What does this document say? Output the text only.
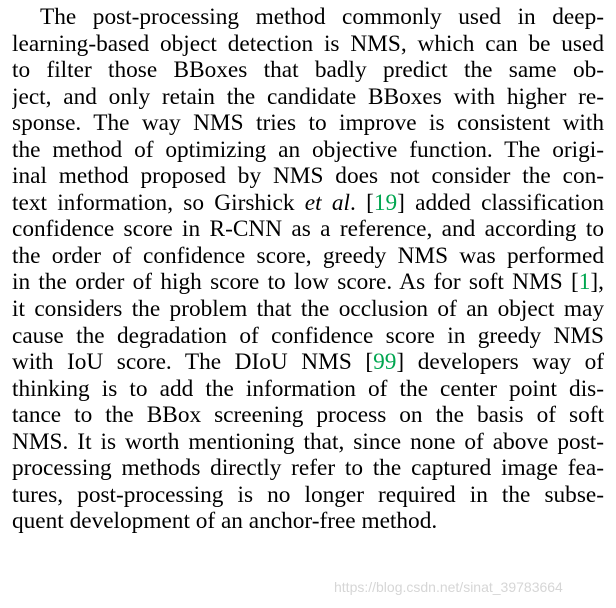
The post-processing method commonly used in deep-
learning-based object detection is NMS, which can be used
to filter those BBoxes that badly predict the same ob-
ject, and only retain the candidate BBoxes with higher re-
sponse. The way NMS tries to improve is consistent with
the method of optimizing an objective function. The origi-
inal method proposed by NMS does not consider the con-
text information, so Girshick et al. [19] added classification
confidence score in R-CNN as a reference, and according to
the order of confidence score, greedy NMS was performed
in the order of high score to low score. As for soft NMS [1],
it considers the problem that the occlusion of an object may
cause the degradation of confidence score in greedy NMS
with IoU score. The DIoU NMS [99] developers way of
thinking is to add the information of the center point dis-
tance to the BBox screening process on the basis of soft
NMS. It is worth mentioning that, since none of above post-
processing methods directly refer to the captured image fea-
tures, post-processing is no longer required in the subse-
quent development of an anchor-free method.
https://blog.csdn.net/sinat_39783664
